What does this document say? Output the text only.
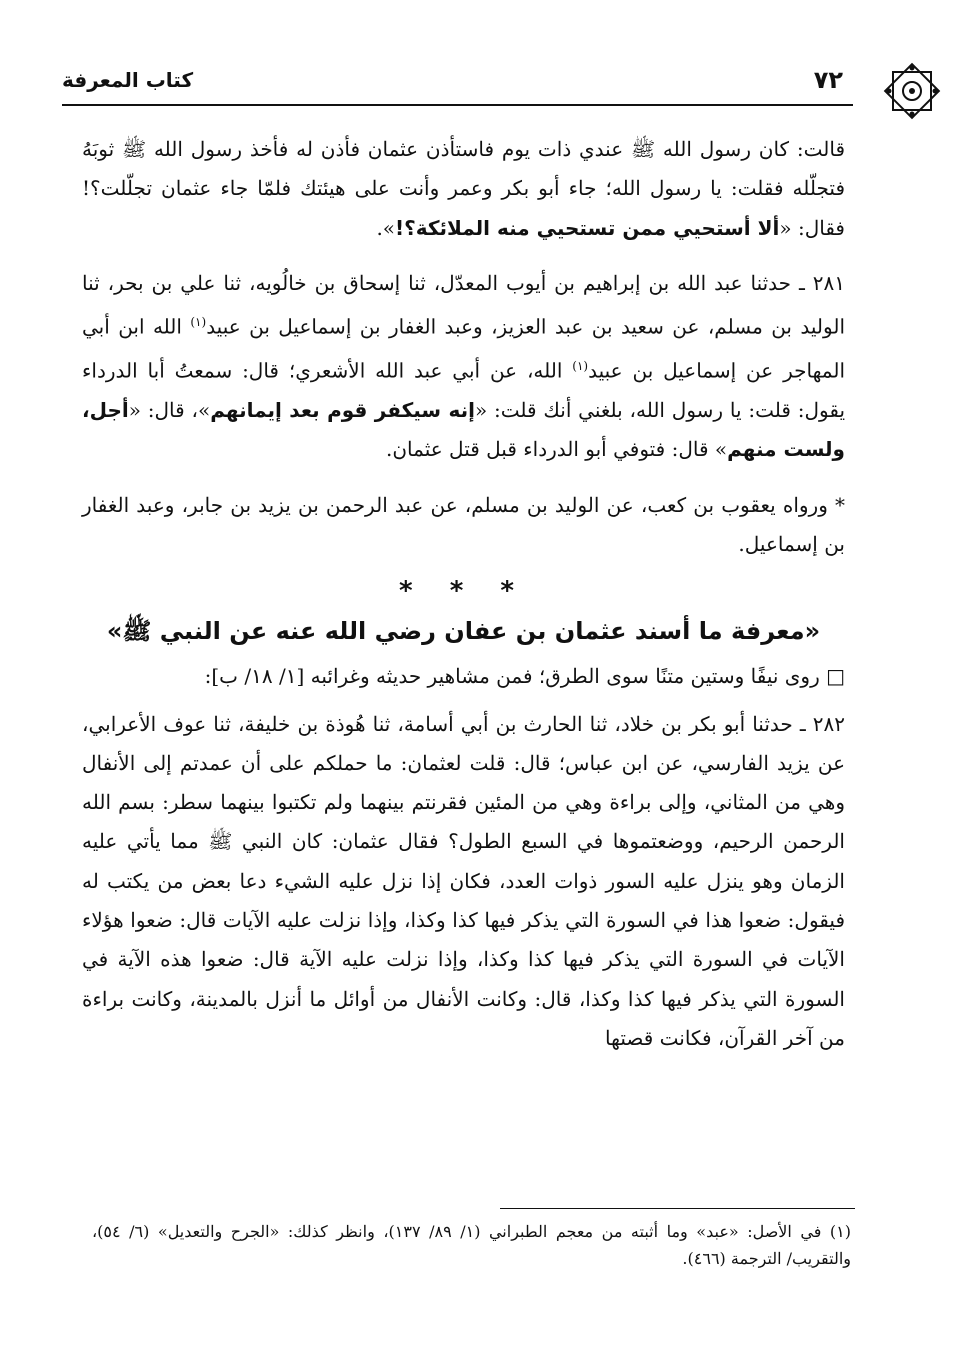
٧٢
كتاب المعرفة

قالت: كان رسول الله ﷺ عندي ذات يوم فاستأذن عثمان فأذن له فأخذ رسول الله ﷺ ثوبَهُ فتجلّله فقلت: يا رسول الله؛ جاء أبو بكر وعمر وأنت على هيئتك فلمّا جاء عثمان تجلّلت؟! فقال: «ألا أستحيي ممن تستحيي منه الملائكة؟!».

٢٨١ ـ حدثنا عبد الله بن إبراهيم بن أيوب المعدّل، ثنا إسحاق بن خالُويه، ثنا علي بن بحر، ثنا الوليد بن مسلم، عن سعيد بن عبد العزيز، وعبد الغفار بن إسماعيل بن عبيد$^{(١)}$ الله ابن أبي المهاجر عن إسماعيل بن عبيد$^{(١)}$ الله، عن أبي عبد الله الأشعري؛ قال: سمعتُ أبا الدرداء يقول: قلت: يا رسول الله، بلغني أنك قلت: «إنه سيكفر قوم بعد إيمانهم»، قال: «أجل، ولست منهم» قال: فتوفي أبو الدرداء قبل قتل عثمان.

* ورواه يعقوب بن كعب، عن الوليد بن مسلم، عن عبد الرحمن بن يزيد بن جابر، وعبد الغفار بن إسماعيل.

* * *
«معرفة ما أسند عثمان بن عفان رضي الله عنه عن النبي ﷺ»

□ روى نيفًا وستين متنًا سوى الطرق؛ فمن مشاهير حديثه وغرائبه [١/ ١٨/ ب]:

٢٨٢ ـ حدثنا أبو بكر بن خلاد، ثنا الحارث بن أبي أسامة، ثنا هُوذة بن خليفة، ثنا عوف الأعرابي، عن يزيد الفارسي، عن ابن عباس؛ قال: قلت لعثمان: ما حملكم على أن عمدتم إلى الأنفال وهي من المثاني، وإلى براءة وهي من المئين فقرنتم بينهما ولم تكتبوا بينهما سطر: بسم الله الرحمن الرحيم، ووضعتموها في السبع الطول؟ فقال عثمان: كان النبي ﷺ مما يأتي عليه الزمان وهو ينزل عليه السور ذوات العدد، فكان إذا نزل عليه الشيء دعا بعض من يكتب له فيقول: ضعوا هذا في السورة التي يذكر فيها كذا وكذا، وإذا نزلت عليه الآيات قال: ضعوا هؤلاء الآيات في السورة التي يذكر فيها كذا وكذا، وإذا نزلت عليه الآية قال: ضعوا هذه الآية في السورة التي يذكر فيها كذا وكذا، قال: وكانت الأنفال من أوائل ما أنزل بالمدينة، وكانت براءة من آخر القرآن، فكانت قصتها

(١) في الأصل: «عبد» وما أثبته من معجم الطبراني (١/ ٨٩/ ١٣٧)، وانظر كذلك: «الجرح والتعديل» (٦/ ٥٤)، والتقريب/ الترجمة (٤٦٦).
